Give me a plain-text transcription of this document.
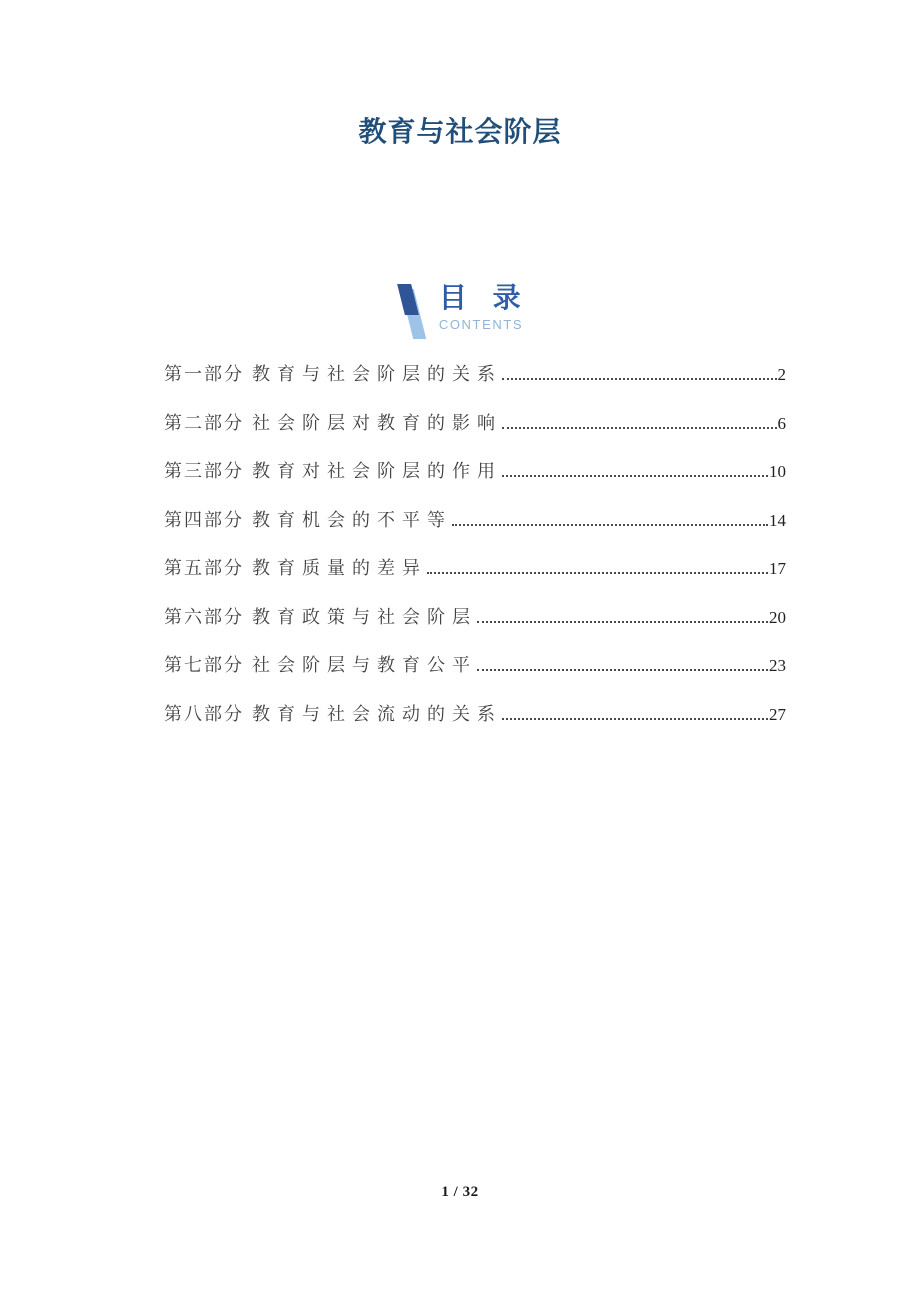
教育与社会阶层
目 录
CONTENTS
第一部分 教育与社会阶层的关系	2
第二部分 社会阶层对教育的影响	6
第三部分 教育对社会阶层的作用	10
第四部分 教育机会的不平等	14
第五部分 教育质量的差异	17
第六部分 教育政策与社会阶层	20
第七部分 社会阶层与教育公平	23
第八部分 教育与社会流动的关系	27
1 / 32
